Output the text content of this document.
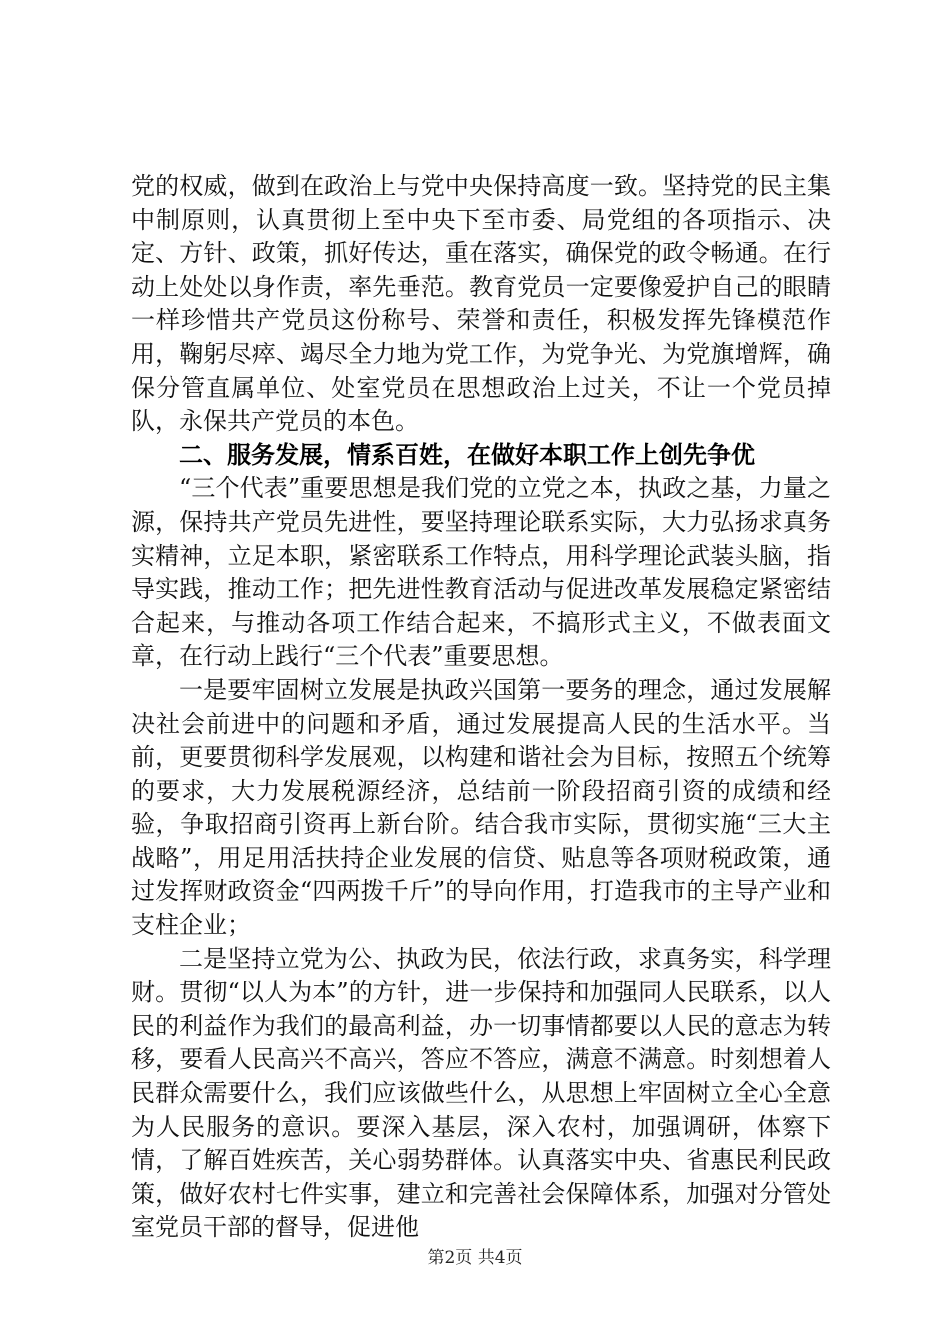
党的权威，做到在政治上与党中央保持高度一致。坚持党的民主集中制原则，认真贯彻上至中央下至市委、局党组的各项指示、决定、方针、政策，抓好传达，重在落实，确保党的政令畅通。在行动上处处以身作责，率先垂范。教育党员一定要像爱护自己的眼睛一样珍惜共产党员这份称号、荣誉和责任，积极发挥先锋模范作用，鞠躬尽瘁、竭尽全力地为党工作，为党争光、为党旗增辉，确保分管直属单位、处室党员在思想政治上过关，不让一个党员掉队，永保共产党员的本色。

二、服务发展，情系百姓，在做好本职工作上创先争优

“三个代表”重要思想是我们党的立党之本，执政之基，力量之源，保持共产党员先进性，要坚持理论联系实际，大力弘扬求真务实精神，立足本职，紧密联系工作特点，用科学理论武装头脑，指导实践，推动工作；把先进性教育活动与促进改革发展稳定紧密结合起来，与推动各项工作结合起来，不搞形式主义，不做表面文章，在行动上践行“三个代表”重要思想。

一是要牢固树立发展是执政兴国第一要务的理念，通过发展解决社会前进中的问题和矛盾，通过发展提高人民的生活水平。当前，更要贯彻科学发展观，以构建和谐社会为目标，按照五个统筹的要求，大力发展税源经济，总结前一阶段招商引资的成绩和经验，争取招商引资再上新台阶。结合我市实际，贯彻实施“三大主战略”，用足用活扶持企业发展的信贷、贴息等各项财税政策，通过发挥财政资金“四两拨千斤”的导向作用，打造我市的主导产业和支柱企业；

二是坚持立党为公、执政为民，依法行政，求真务实，科学理财。贯彻“以人为本”的方针，进一步保持和加强同人民联系，以人民的利益作为我们的最高利益，办一切事情都要以人民的意志为转移，要看人民高兴不高兴，答应不答应，满意不满意。时刻想着人民群众需要什么，我们应该做些什么，从思想上牢固树立全心全意为人民服务的意识。要深入基层，深入农村，加强调研，体察下情，了解百姓疾苦，关心弱势群体。认真落实中央、省惠民利民政策，做好农村七件实事，建立和完善社会保障体系，加强对分管处室党员干部的督导，促进他

第2页 共4页
